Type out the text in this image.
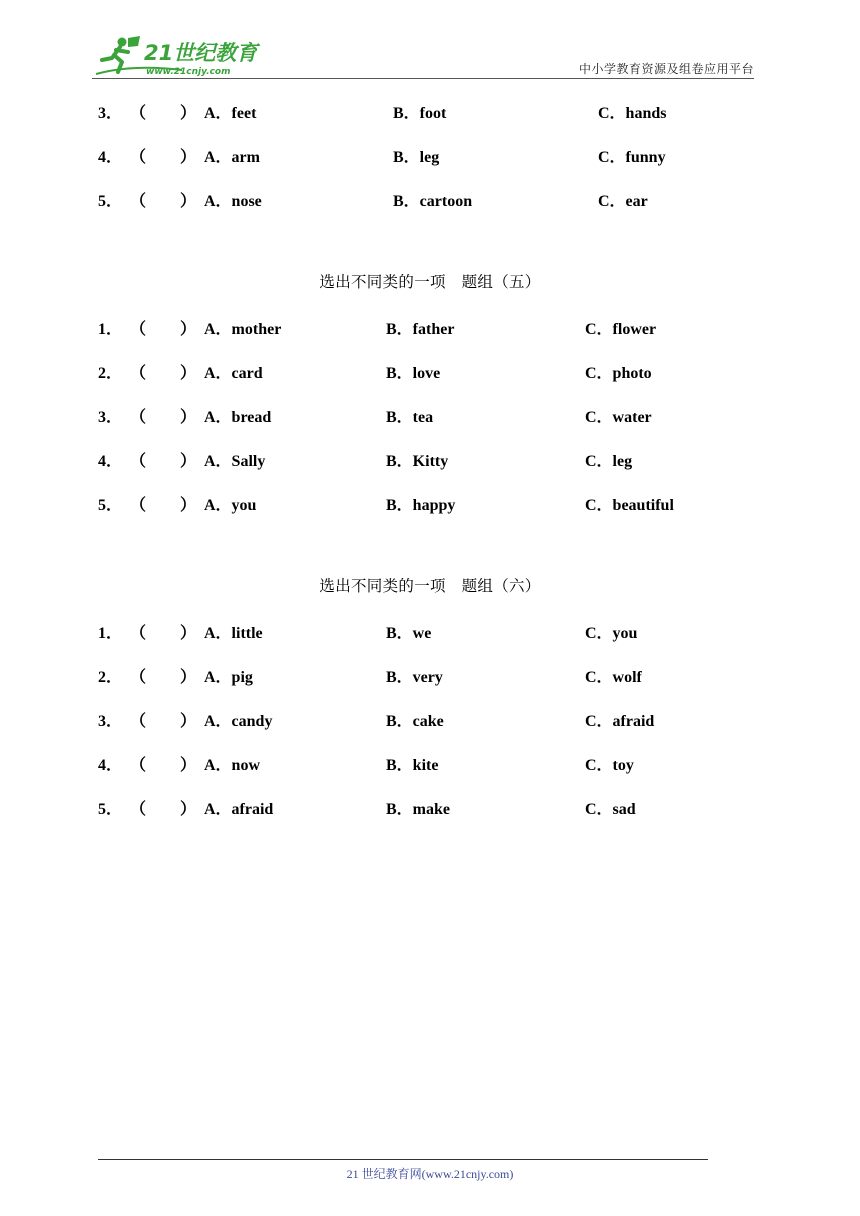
21世纪教育
www.21cnjy.com	中小学教育资源及组卷应用平台
3． （ ） A．feet	B．foot	C．hands
4． （ ） A．arm	B．leg	C．funny
5． （ ） A．nose	B．cartoon	C．ear
选出不同类的一项　题组（五）
1． （ ） A．mother	B．father	C．flower
2． （ ） A．card	B．love	C．photo
3． （ ） A．bread	B．tea	C．water
4． （ ） A．Sally	B．Kitty	C．leg
5． （ ） A．you	B．happy	C．beautiful
选出不同类的一项　题组（六）
1． （ ） A．little	B．we	C．you
2． （ ） A．pig	B．very	C．wolf
3． （ ） A．candy	B．cake	C．afraid
4． （ ） A．now	B．kite	C．toy
5． （ ） A．afraid	B．make	C．sad
21 世纪教育网(www.21cnjy.com)
